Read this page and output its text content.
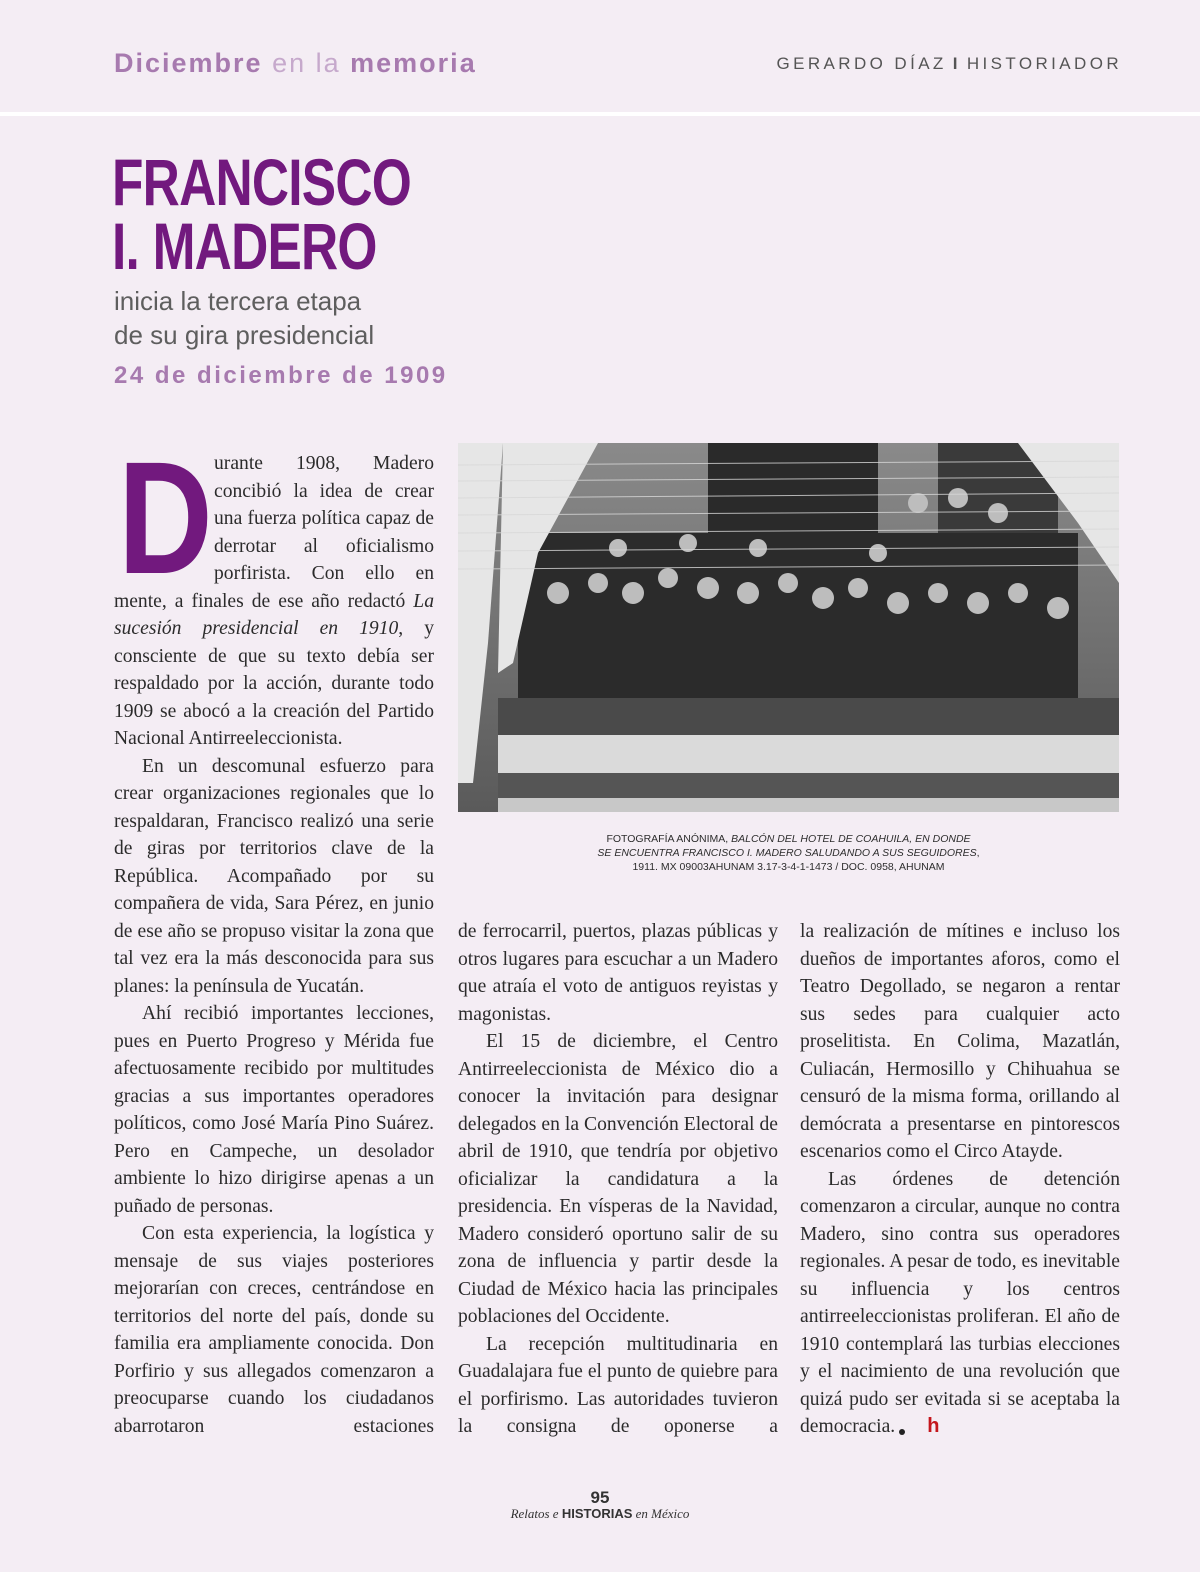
Diciembre en la memoria	GERARDO DÍAZ I HISTORIADOR
FRANCISCO
I. MADERO
inicia la tercera etapa
de su gira presidencial
24 de diciembre de 1909
FOTOGRAFÍA ANÓNIMA, BALCÓN DEL HOTEL DE COAHUILA, EN DONDE
SE ENCUENTRA FRANCISCO I. MADERO SALUDANDO A SUS SEGUIDORES,
1911. MX 09003AHUNAM 3.17-3-4-1-1473 / DOC. 0958, AHUNAM

Durante 1908, Madero concibió la idea de crear una fuerza política capaz de derrotar al oficialismo porfirista. Con ello en mente, a finales de ese año redactó La sucesión presidencial en 1910, y consciente de que su texto debía ser respaldado por la acción, durante todo 1909 se abocó a la creación del Partido Nacional Antirreeleccionista.

En un descomunal esfuerzo para crear organizaciones regionales que lo respaldaran, Francisco realizó una serie de giras por territorios clave de la República. Acompañado por su compañera de vida, Sara Pérez, en junio de ese año se propuso visitar la zona que tal vez era la más desconocida para sus planes: la península de Yucatán.

Ahí recibió importantes lecciones, pues en Puerto Progreso y Mérida fue afectuosamente recibido por multitudes gracias a sus importantes operadores políticos, como José María Pino Suárez. Pero en Campeche, un desolador ambiente lo hizo dirigirse apenas a un puñado de personas.

Con esta experiencia, la logística y mensaje de sus viajes posteriores mejorarían con creces, centrándose en territorios del norte del país, donde su familia era ampliamente conocida. Don Porfirio y sus allegados comenzaron a preocuparse cuando los ciudadanos abarrotaron estaciones

de ferrocarril, puertos, plazas públicas y otros lugares para escuchar a un Madero que atraía el voto de antiguos reyistas y magonistas.

El 15 de diciembre, el Centro Antirreeleccionista de México dio a conocer la invitación para designar delegados en la Convención Electoral de abril de 1910, que tendría por objetivo oficializar la candidatura a la presidencia. En vísperas de la Navidad, Madero consideró oportuno salir de su zona de influencia y partir desde la Ciudad de México hacia las principales poblaciones del Occidente.

La recepción multitudinaria en Guadalajara fue el punto de quiebre para el porfirismo. Las autoridades tuvieron la consigna de oponerse a

la realización de mítines e incluso los dueños de importantes aforos, como el Teatro Degollado, se negaron a rentar sus sedes para cualquier acto proselitista. En Colima, Mazatlán, Culiacán, Hermosillo y Chihuahua se censuró de la misma forma, orillando al demócrata a presentarse en pintorescos escenarios como el Circo Atayde.

Las órdenes de detención comenzaron a circular, aunque no contra Madero, sino contra sus operadores regionales. A pesar de todo, es inevitable su influencia y los centros antirreeleccionistas proliferan. El año de 1910 contemplará las turbias elecciones y el nacimiento de una revolución que quizá pudo ser evitada si se aceptaba la democracia. h

95
Relatos e HISTORIAS en México
